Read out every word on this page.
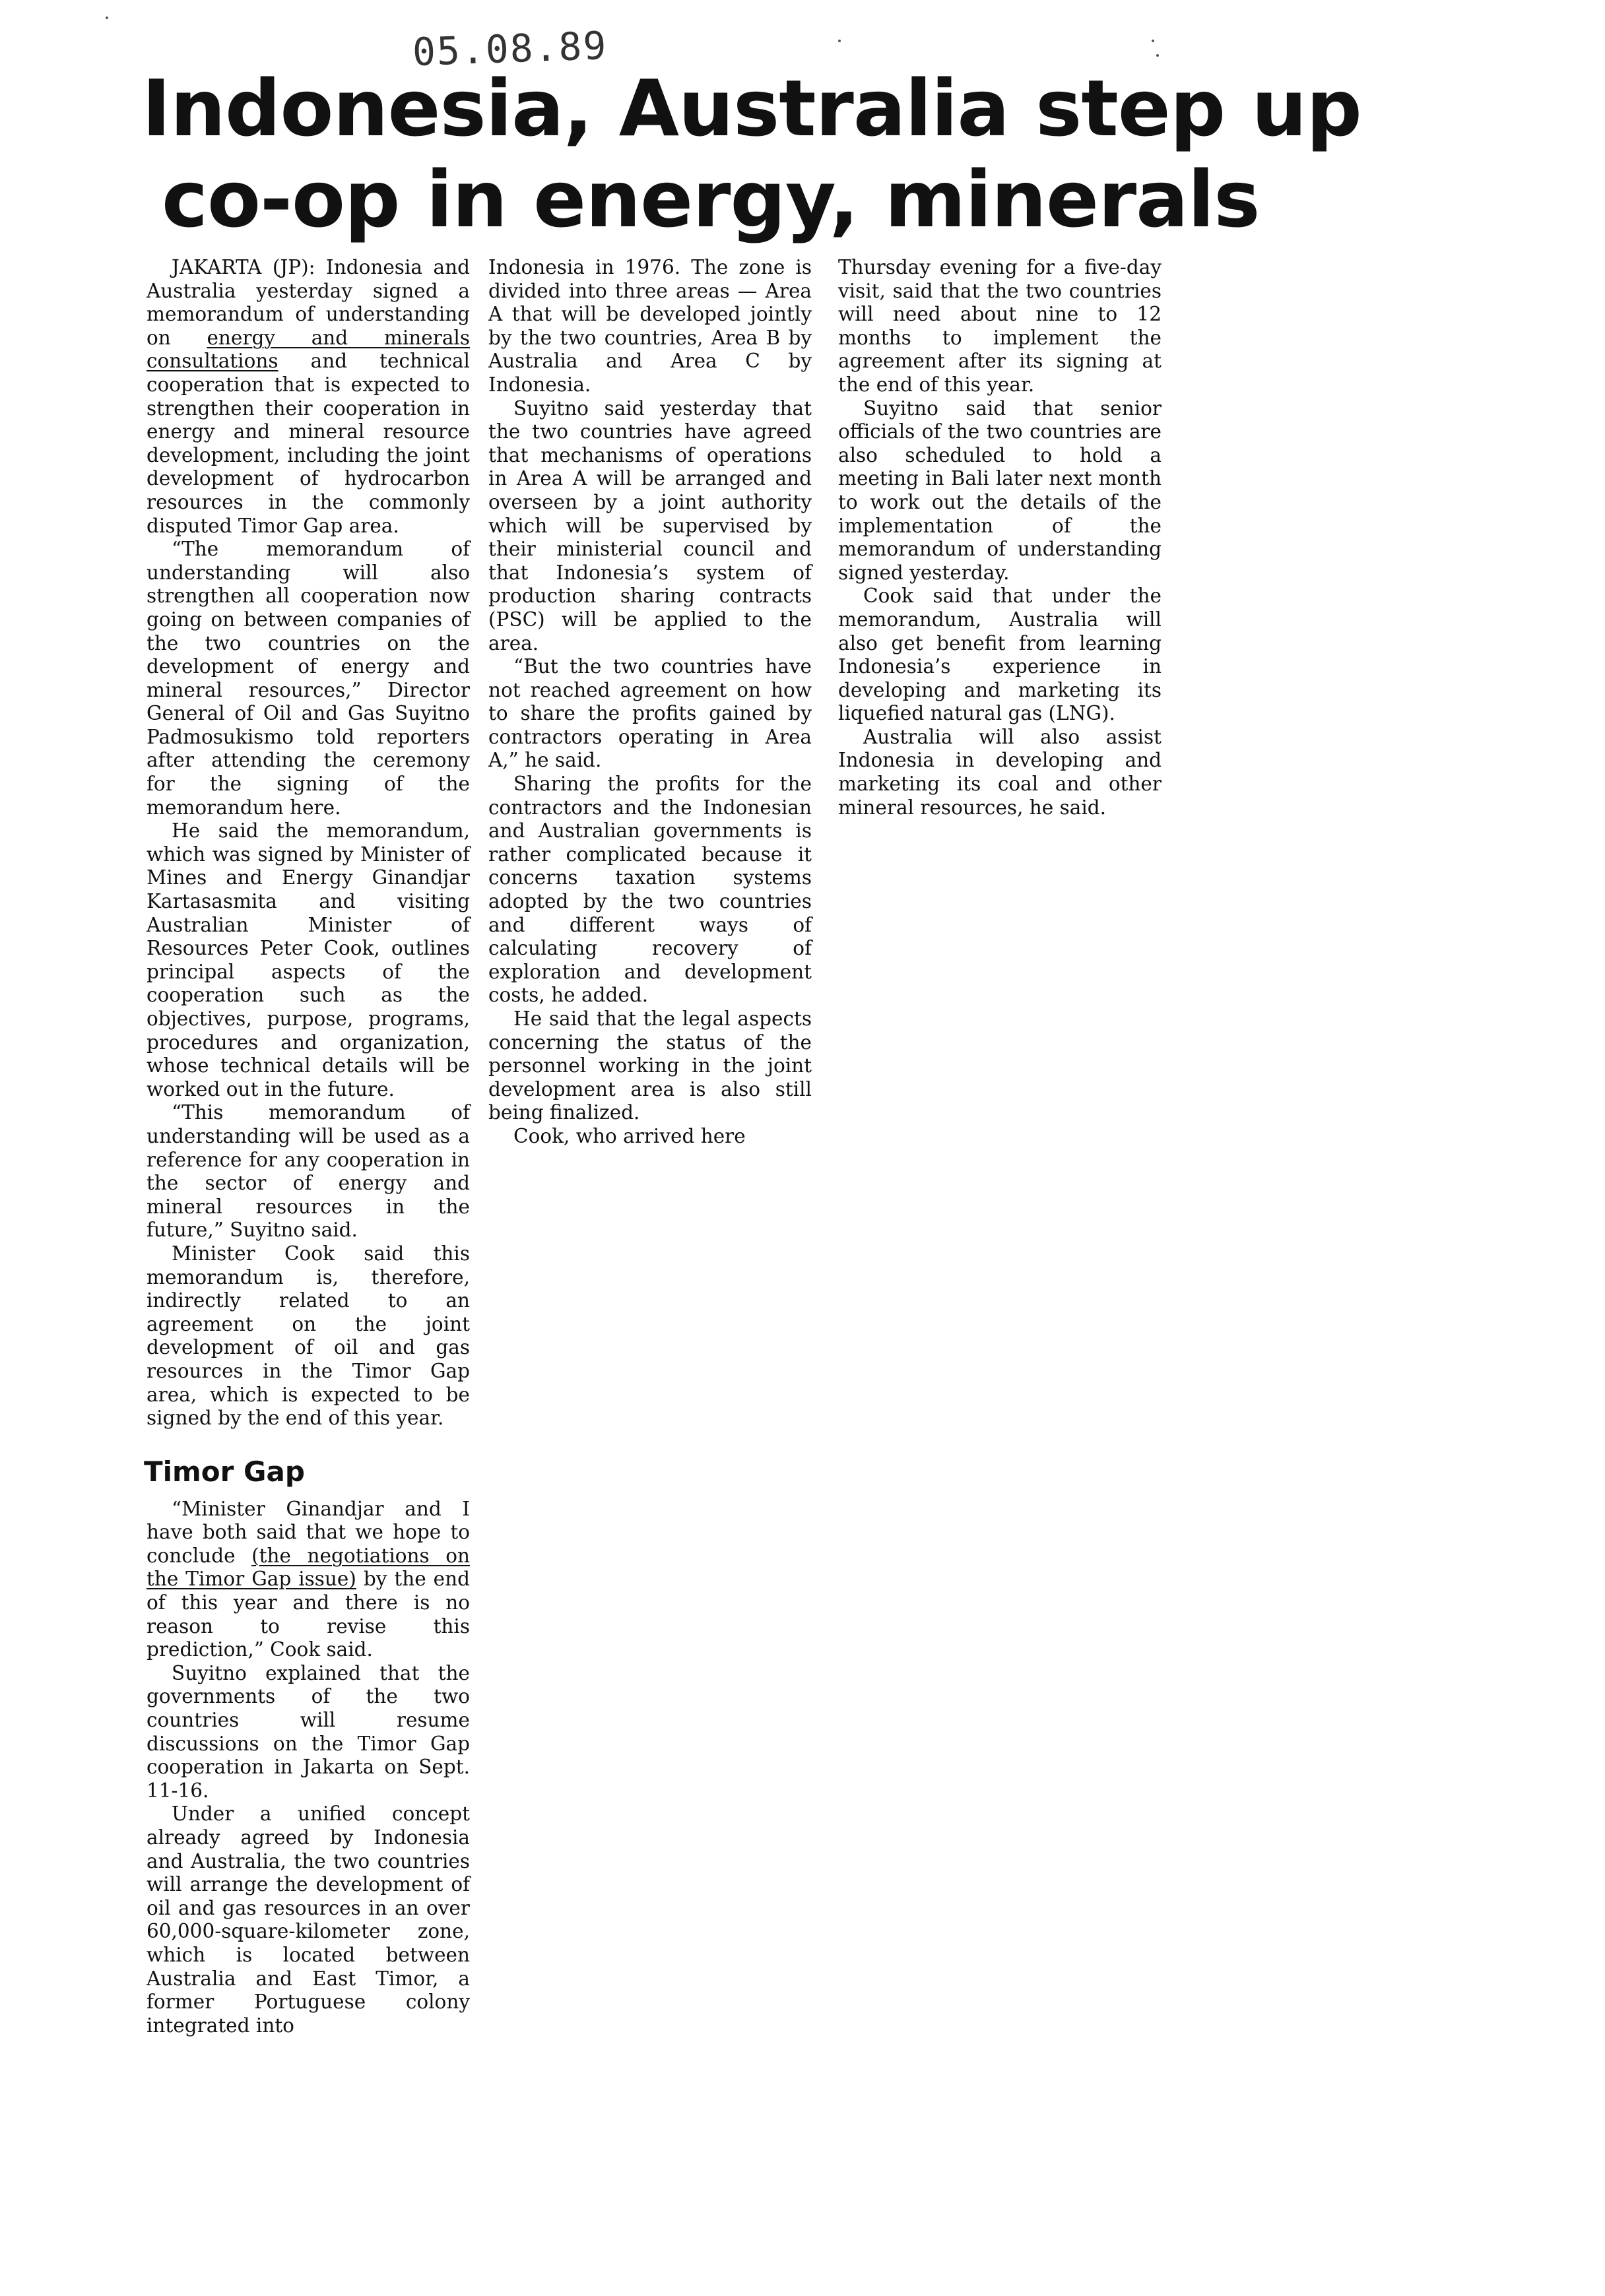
05.08.89
Indonesia, Australia step up
co-op in energy, minerals

JAKARTA (JP): Indonesia and Australia yesterday signed a memorandum of understanding on energy and minerals consultations and technical cooperation that is expected to strengthen their cooperation in energy and mineral resource development, including the joint development of hydrocarbon resources in the commonly disputed Timor Gap area.

“The memorandum of understanding will also strengthen all cooperation now going on between companies of the two countries on the development of energy and mineral resources,” Director General of Oil and Gas Suyitno Padmosukismo told reporters after attending the ceremony for the signing of the memorandum here.

He said the memorandum, which was signed by Minister of Mines and Energy Ginandjar Kartasasmita and visiting Australian Minister of Resources Peter Cook, outlines principal aspects of the cooperation such as the objectives, purpose, programs, procedures and organization, whose technical details will be worked out in the future.

“This memorandum of understanding will be used as a reference for any cooperation in the sector of energy and mineral resources in the future,” Suyitno said.

Minister Cook said this memorandum is, therefore, indirectly related to an agreement on the joint development of oil and gas resources in the Timor Gap area, which is expected to be signed by the end of this year.

Timor Gap

“Minister Ginandjar and I have both said that we hope to conclude (the negotiations on the Timor Gap issue) by the end of this year and there is no reason to revise this prediction,” Cook said.

Suyitno explained that the governments of the two countries will resume discussions on the Timor Gap cooperation in Jakarta on Sept. 11-16.

Under a unified concept already agreed by Indonesia and Australia, the two countries will arrange the development of oil and gas resources in an over 60,000-square-kilometer zone, which is located between Australia and East Timor, a former Portuguese colony integrated into

Indonesia in 1976. The zone is divided into three areas — Area A that will be developed jointly by the two countries, Area B by Australia and Area C by Indonesia.

Suyitno said yesterday that the two countries have agreed that mechanisms of operations in Area A will be arranged and overseen by a joint authority which will be supervised by their ministerial council and that Indonesia’s system of production sharing contracts (PSC) will be applied to the area.

“But the two countries have not reached agreement on how to share the profits gained by contractors operating in Area A,” he said.

Sharing the profits for the contractors and the Indonesian and Australian governments is rather complicated because it concerns taxation systems adopted by the two countries and different ways of calculating recovery of exploration and development costs, he added.

He said that the legal aspects concerning the status of the personnel working in the joint development area is also still being finalized.

Cook, who arrived here

Thursday evening for a five-day visit, said that the two countries will need about nine to 12 months to implement the agreement after its signing at the end of this year.

Suyitno said that senior officials of the two countries are also scheduled to hold a meeting in Bali later next month to work out the details of the implementation of the memorandum of understanding signed yesterday.

Cook said that under the memorandum, Australia will also get benefit from learning Indonesia’s experience in developing and marketing its liquefied natural gas (LNG).

Australia will also assist Indonesia in developing and marketing its coal and other mineral resources, he said.
